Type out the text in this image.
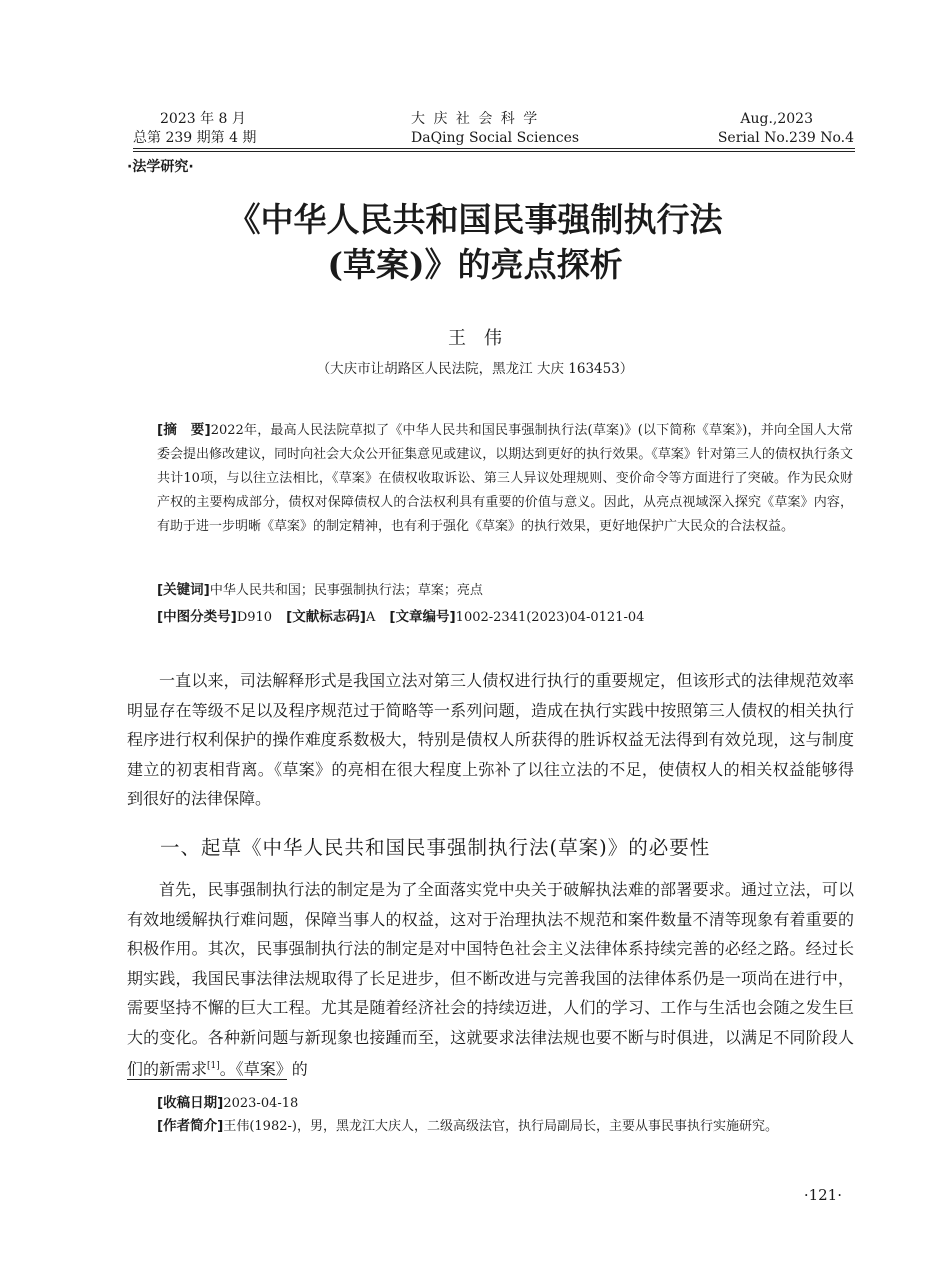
2023 年 8 月
总第 239 期第 4 期
大 庆 社 会 科 学
DaQing Social Sciences
Aug.,2023
Serial No.239 No.4
·法学研究·
《中华人民共和国民事强制执行法
(草案)》的亮点探析
王伟
（大庆市让胡路区人民法院，黑龙江 大庆 163453）
[摘　要]2022年，最高人民法院草拟了《中华人民共和国民事强制执行法(草案)》(以下简称《草案》)，并向全国人大常委会提出修改建议，同时向社会大众公开征集意见或建议，以期达到更好的执行效果。《草案》针对第三人的债权执行条文共计10项，与以往立法相比，《草案》在债权收取诉讼、第三人异议处理规则、变价命令等方面进行了突破。作为民众财产权的主要构成部分，债权对保障债权人的合法权利具有重要的价值与意义。因此，从亮点视域深入探究《草案》内容，有助于进一步明晰《草案》的制定精神，也有利于强化《草案》的执行效果，更好地保护广大民众的合法权益。
[关键词]中华人民共和国；民事强制执行法；草案；亮点
[中图分类号]D910 [文献标志码]A [文章编号]1002-2341(2023)04-0121-04
一直以来，司法解释形式是我国立法对第三人债权进行执行的重要规定，但该形式的法律规范效率明显存在等级不足以及程序规范过于简略等一系列问题，造成在执行实践中按照第三人债权的相关执行程序进行权利保护的操作难度系数极大，特别是债权人所获得的胜诉权益无法得到有效兑现，这与制度建立的初衷相背离。《草案》的亮相在很大程度上弥补了以往立法的不足，使债权人的相关权益能够得到很好的法律保障。
一、起草《中华人民共和国民事强制执行法(草案)》的必要性
首先，民事强制执行法的制定是为了全面落实党中央关于破解执法难的部署要求。通过立法，可以有效地缓解执行难问题，保障当事人的权益，这对于治理执法不规范和案件数量不清等现象有着重要的积极作用。其次，民事强制执行法的制定是对中国特色社会主义法律体系持续完善的必经之路。经过长期实践，我国民事法律法规取得了长足进步，但不断改进与完善我国的法律体系仍是一项尚在进行中，需要坚持不懈的巨大工程。尤其是随着经济社会的持续迈进，人们的学习、工作与生活也会随之发生巨大的变化。各种新问题与新现象也接踵而至，这就要求法律法规也要不断与时俱进，以满足不同阶段人们的新需求[1]。《草案》的
[收稿日期]2023-04-18
[作者简介]王伟(1982-)，男，黑龙江大庆人，二级高级法官，执行局副局长，主要从事民事执行实施研究。
·121·
